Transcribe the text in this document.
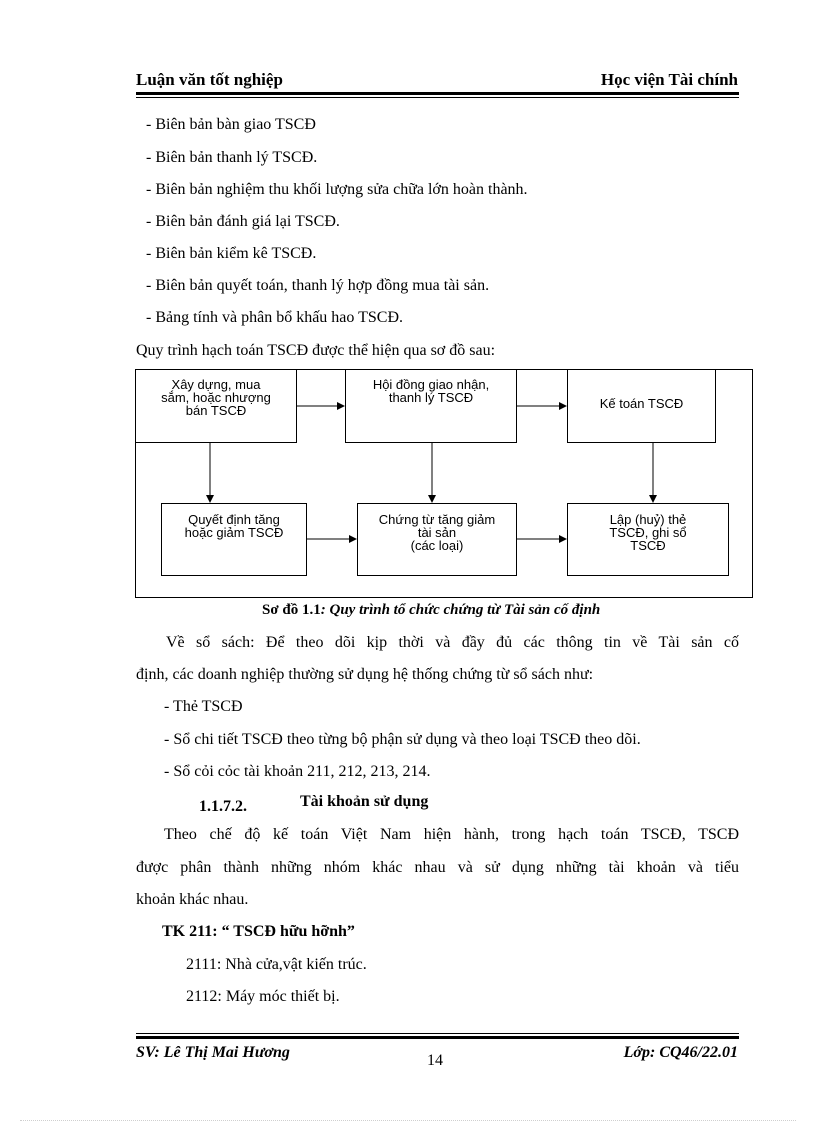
Luận văn tốt nghiệp	Học viện Tài chính
- Biên bản bàn giao TSCĐ
- Biên bản thanh lý TSCĐ.
- Biên bản nghiệm thu khối lượng sửa chữa lớn hoàn thành.
- Biên bản đánh giá lại TSCĐ.
- Biên bản kiểm kê TSCĐ.
- Biên bản quyết toán, thanh lý hợp đồng mua tài sản.
- Bảng tính và phân bổ khấu hao TSCĐ.
Quy trình hạch toán TSCĐ được thể hiện qua sơ đồ sau:
Xây dựng, mua
sắm, hoặc nhượng
bán TSCĐ
Hội đồng giao nhận,
thanh lý TSCĐ	Kế toán TSCĐ
Quyết định tăng
hoặc giảm TSCĐ
Chứng từ tăng giảm
tài sản
(các loại)
Lập (huỷ) thẻ
TSCĐ, ghi sổ
TSCĐ
Sơ đồ 1.1: Quy trình tổ chức chứng từ Tài sản cố định
Về sổ sách: Để theo dõi kịp thời và đầy đủ các thông tin về Tài sản cố
định, các doanh nghiệp thường sử dụng hệ thống chứng từ sổ sách như:
- Thẻ TSCĐ
- Sổ chi tiết TSCĐ theo từng bộ phận sử dụng và theo loại TSCĐ theo dõi.
- Sổ cỏi cỏc tài khoản 211, 212, 213, 214.
1.1.7.2.	Tài khoản sử dụng
Theo chế độ kế toán Việt Nam hiện hành, trong hạch toán TSCĐ, TSCĐ
được phân thành những nhóm khác nhau và sử dụng những tài khoản và tiểu
khoản khác nhau.
TK 211: “ TSCĐ hữu hỡnh”
2111: Nhà cửa,vật kiến trúc.
2112: Máy móc thiết bị.
SV: Lê Thị Mai Hương	14	Lớp: CQ46/22.01
